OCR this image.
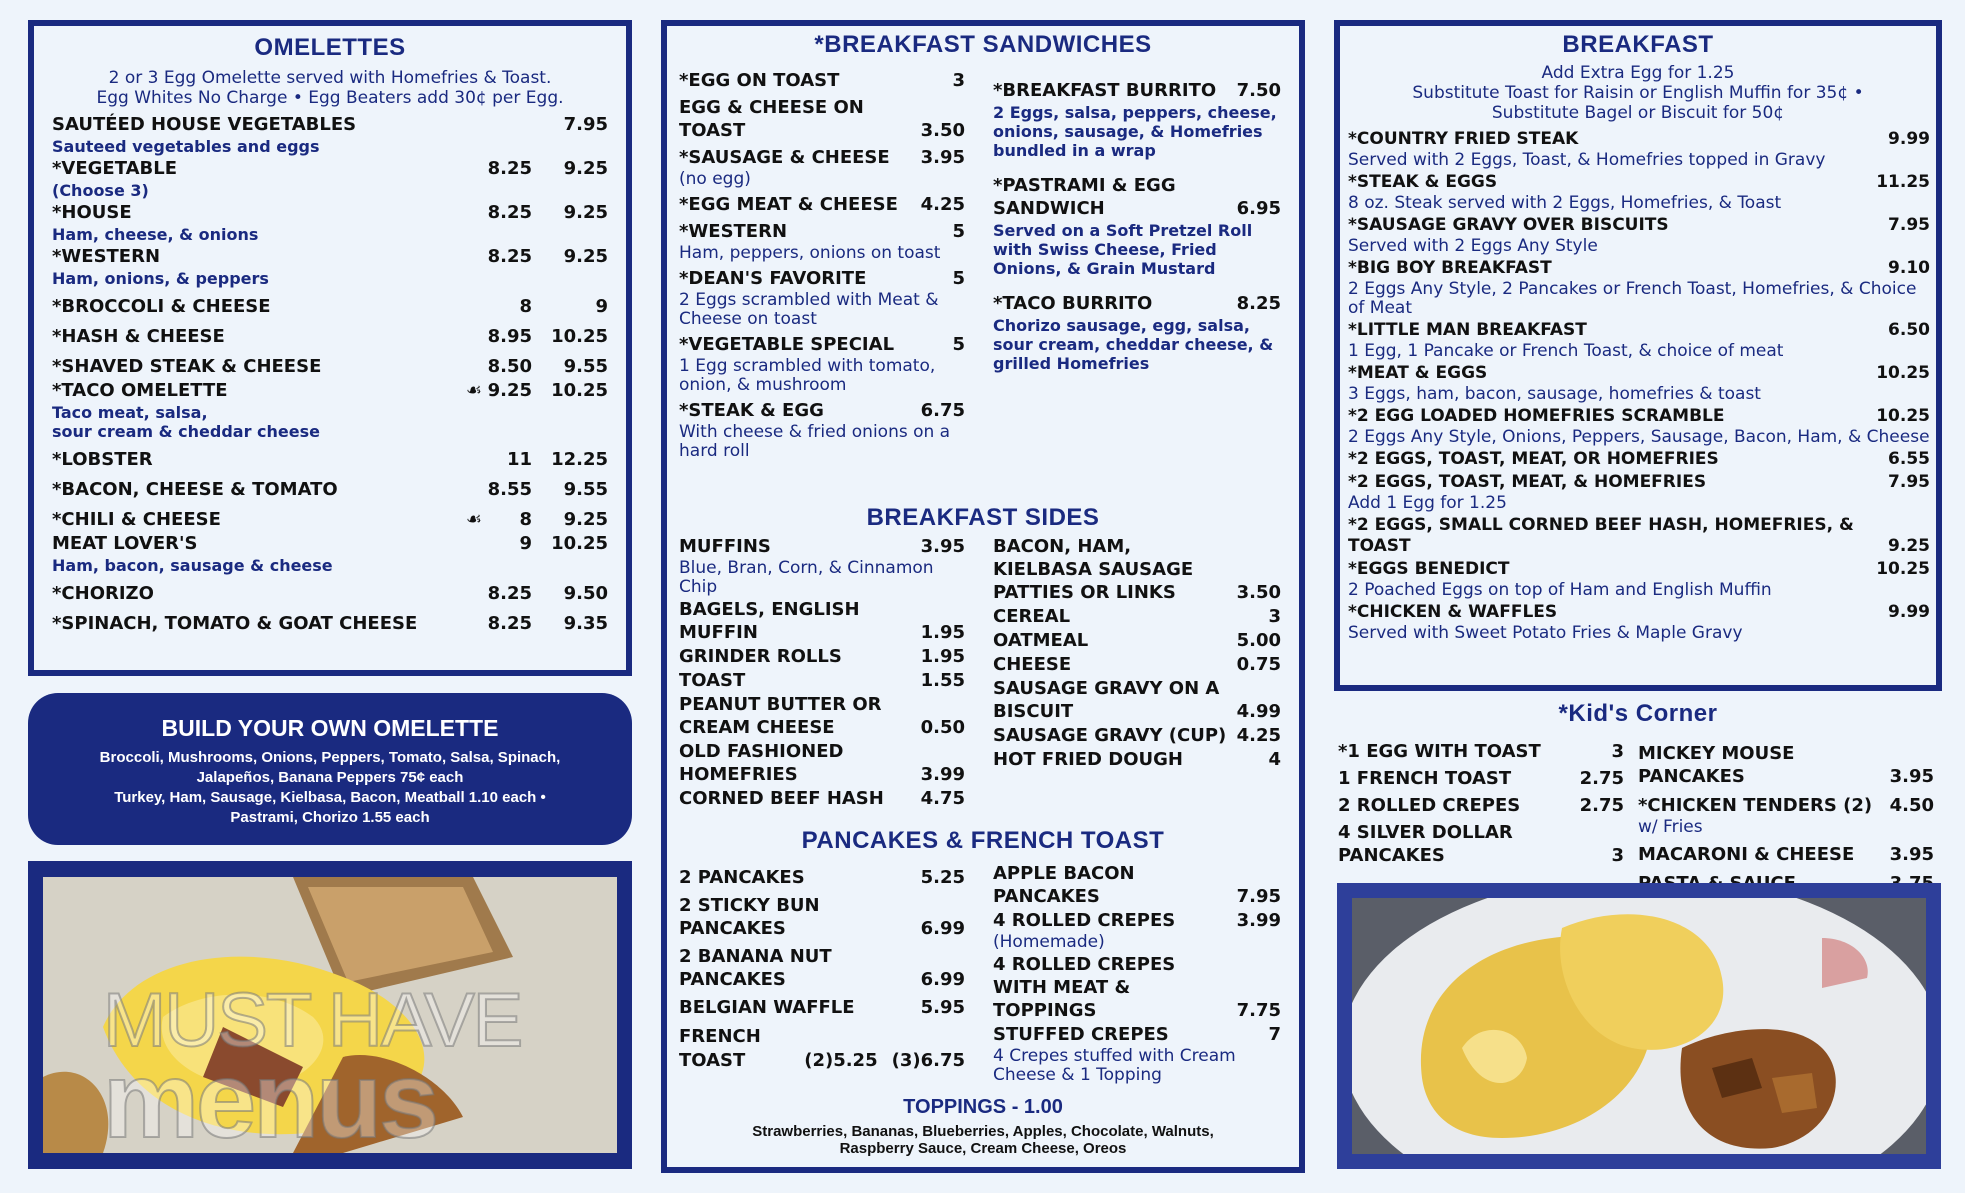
OMELETTES
2 or 3 Egg Omelette served with Homefries & Toast.
Egg Whites No Charge • Egg Beaters add 30¢ per Egg.
SAUTÉED HOUSE VEGETABLES	7.95
Sauteed vegetables and eggs
*VEGETABLE	8.25	9.25
(Choose 3)
*HOUSE	8.25	9.25
Ham, cheese, & onions
*WESTERN	8.25	9.25
Ham, onions, & peppers
*BROCCOLI & CHEESE	8	9
*HASH & CHEESE	8.95	10.25
*SHAVED STEAK & CHEESE	8.50	9.55
*TACO OMELETTE	☙ 9.25	10.25
Taco meat, salsa,
sour cream & cheddar cheese
*LOBSTER	11	12.25
*BACON, CHEESE & TOMATO	8.55	9.55
*CHILI & CHEESE	☙	8	9.25
MEAT LOVER'S	9	10.25
Ham, bacon, sausage & cheese
*CHORIZO	8.25	9.50
*SPINACH, TOMATO & GOAT CHEESE	8.25	9.35
BUILD YOUR OWN OMELETTE
Broccoli, Mushrooms, Onions, Peppers, Tomato, Salsa, Spinach,
Jalapeños, Banana Peppers 75¢ each
Turkey, Ham, Sausage, Kielbasa, Bacon, Meatball 1.10 each •
Pastrami, Chorizo 1.55 each
MUST HAVE
menus
*BREAKFAST SANDWICHES
*EGG ON TOAST	3
EGG & CHEESE ON TOAST	3.50
*SAUSAGE & CHEESE	3.95
(no egg)
*EGG MEAT & CHEESE	4.25
*WESTERN	5
Ham, peppers, onions on toast
*DEAN'S FAVORITE	5
2 Eggs scrambled with Meat & Cheese on toast
*VEGETABLE SPECIAL	5
1 Egg scrambled with tomato, onion, & mushroom
*STEAK & EGG	6.75
With cheese & fried onions on a hard roll
*BREAKFAST BURRITO	7.50
2 Eggs, salsa, peppers, cheese, onions, sausage, & Homefries bundled in a wrap
*PASTRAMI & EGG SANDWICH	6.95
Served on a Soft Pretzel Roll with Swiss Cheese, Fried Onions, & Grain Mustard
*TACO BURRITO	8.25
Chorizo sausage, egg, salsa, sour cream, cheddar cheese, & grilled Homefries
BREAKFAST SIDES
MUFFINS	3.95
Blue, Bran, Corn, & Cinnamon Chip
BAGELS, ENGLISH MUFFIN	1.95
GRINDER ROLLS	1.95
TOAST	1.55
PEANUT BUTTER OR CREAM CHEESE	0.50
OLD FASHIONED HOMEFRIES	3.99
CORNED BEEF HASH	4.75
BACON, HAM, KIELBASA SAUSAGE PATTIES OR LINKS	3.50
CEREAL	3
OATMEAL	5.00
CHEESE	0.75
SAUSAGE GRAVY ON A BISCUIT	4.99
SAUSAGE GRAVY (CUP) 4.25
HOT FRIED DOUGH	4
PANCAKES & FRENCH TOAST
2 PANCAKES	5.25
2 STICKY BUN PANCAKES	6.99
2 BANANA NUT PANCAKES	6.99
BELGIAN WAFFLE	5.95
FRENCH
TOAST	(2)5.25 (3)6.75
APPLE BACON PANCAKES	7.95
4 ROLLED CREPES	3.99
(Homemade)
4 ROLLED CREPES WITH MEAT & TOPPINGS	7.75
STUFFED CREPES	7
4 Crepes stuffed with Cream Cheese & 1 Topping
TOPPINGS - 1.00
Strawberries, Bananas, Blueberries, Apples, Chocolate, Walnuts,
Raspberry Sauce, Cream Cheese, Oreos
BREAKFAST
Add Extra Egg for 1.25
Substitute Toast for Raisin or English Muffin for 35¢ •
Substitute Bagel or Biscuit for 50¢
*COUNTRY FRIED STEAK	9.99
Served with 2 Eggs, Toast, & Homefries topped in Gravy
*STEAK & EGGS	11.25
8 oz. Steak served with 2 Eggs, Homefries, & Toast
*SAUSAGE GRAVY OVER BISCUITS	7.95
Served with 2 Eggs Any Style
*BIG BOY BREAKFAST	9.10
2 Eggs Any Style, 2 Pancakes or French Toast, Homefries, & Choice of Meat
*LITTLE MAN BREAKFAST	6.50
1 Egg, 1 Pancake or French Toast, & choice of meat
*MEAT & EGGS	10.25
3 Eggs, ham, bacon, sausage, homefries & toast
*2 EGG LOADED HOMEFRIES SCRAMBLE	10.25
2 Eggs Any Style, Onions, Peppers, Sausage, Bacon, Ham, & Cheese
*2 EGGS, TOAST, MEAT, OR HOMEFRIES	6.55
*2 EGGS, TOAST, MEAT, & HOMEFRIES	7.95
Add 1 Egg for 1.25
*2 EGGS, SMALL CORNED BEEF HASH, HOMEFRIES, & TOAST	9.25
*EGGS BENEDICT	10.25
2 Poached Eggs on top of Ham and English Muffin
*CHICKEN & WAFFLES	9.99
Served with Sweet Potato Fries & Maple Gravy
*Kid's Corner
*1 EGG WITH TOAST	3
1 FRENCH TOAST	2.75
2 ROLLED CREPES	2.75
4 SILVER DOLLAR PANCAKES	3
MICKEY MOUSE PANCAKES	3.95
*CHICKEN TENDERS (2) 4.50
w/ Fries
MACARONI & CHEESE	3.95
